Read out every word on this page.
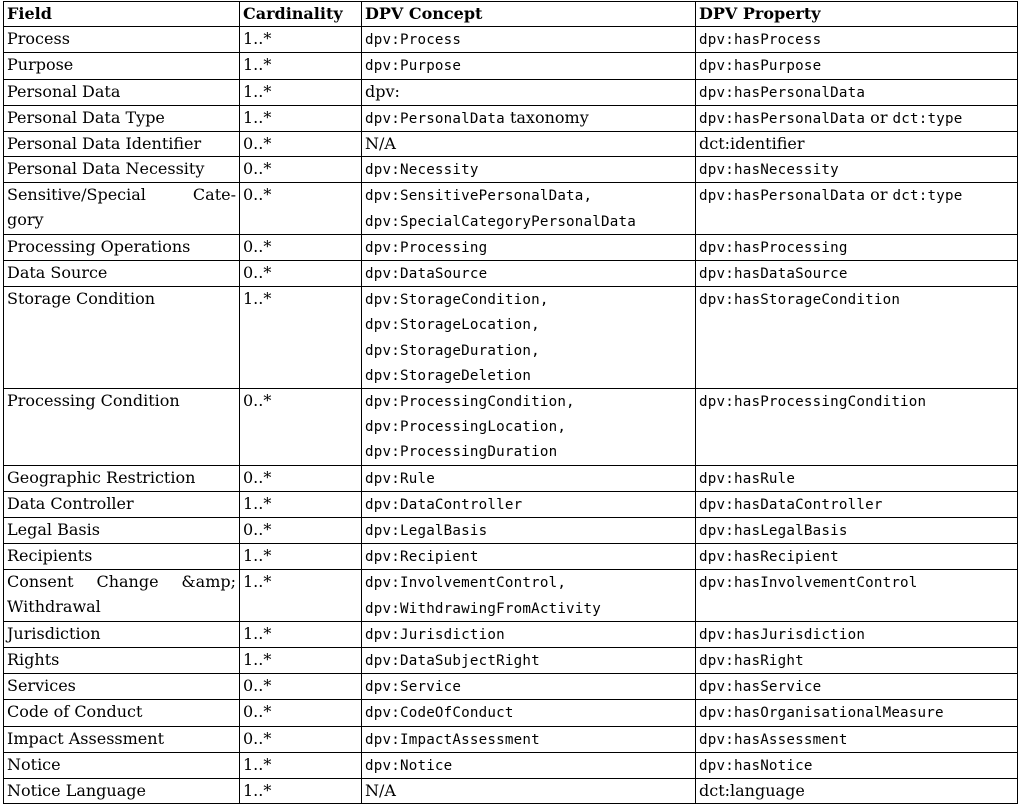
Field	Cardinality	DPV Concept	DPV Property

Process	1..*	dpv:Process	dpv:hasProcess

Purpose	1..*	dpv:Purpose	dpv:hasPurpose

Personal Data	1..*	dpv:	dpv:hasPersonalData

Personal Data Type	1..*	dpv:PersonalData taxonomy	dpv:hasPersonalData or dct:type

Personal Data Identifier	0..*	N/A	dct:identifier

Personal Data Necessity	0..*	dpv:Necessity	dpv:hasNecessity

Sensitive/Special Cate-
gory	0..*	dpv:SensitivePersonalData,
dpv:SpecialCategoryPersonalData	dpv:hasPersonalData or dct:type

Processing Operations	0..*	dpv:Processing	dpv:hasProcessing

Data Source	0..*	dpv:DataSource	dpv:hasDataSource

Storage Condition	1..*	dpv:StorageCondition,
dpv:StorageLocation,
dpv:StorageDuration,
dpv:StorageDeletion	dpv:hasStorageCondition

Processing Condition	0..*	dpv:ProcessingCondition,
dpv:ProcessingLocation,
dpv:ProcessingDuration	dpv:hasProcessingCondition

Geographic Restriction	0..*	dpv:Rule	dpv:hasRule

Data Controller	1..*	dpv:DataController	dpv:hasDataController

Legal Basis	0..*	dpv:LegalBasis	dpv:hasLegalBasis

Recipients	1..*	dpv:Recipient	dpv:hasRecipient

Consent Change &amp;
Withdrawal	1..*	dpv:InvolvementControl,
dpv:WithdrawingFromActivity	dpv:hasInvolvementControl

Jurisdiction	1..*	dpv:Jurisdiction	dpv:hasJurisdiction

Rights	1..*	dpv:DataSubjectRight	dpv:hasRight

Services	0..*	dpv:Service	dpv:hasService

Code of Conduct	0..*	dpv:CodeOfConduct	dpv:hasOrganisationalMeasure

Impact Assessment	0..*	dpv:ImpactAssessment	dpv:hasAssessment

Notice	1..*	dpv:Notice	dpv:hasNotice

Notice Language	1..*	N/A	dct:language
